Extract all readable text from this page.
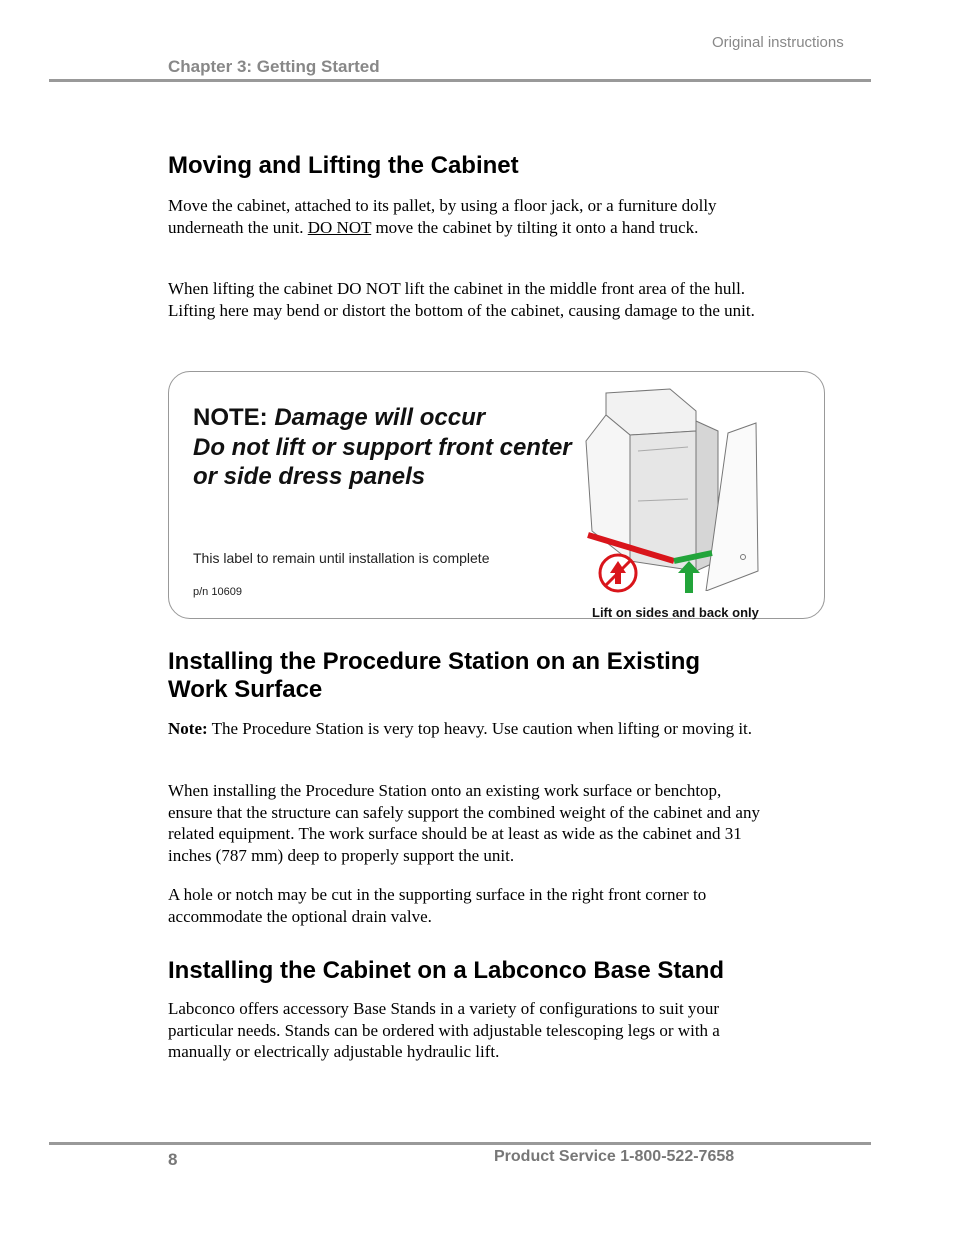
Original instructions
Chapter 3: Getting Started
Moving and Lifting the Cabinet
Move the cabinet, attached to its pallet, by using a floor jack, or a furniture dolly underneath the unit. DO NOT move the cabinet by tilting it onto a hand truck.
When lifting the cabinet DO NOT lift the cabinet in the middle front area of the hull. Lifting here may bend or distort the bottom of the cabinet, causing damage to the unit.
NOTE: Damage will occur
Do not lift or support front center
or side dress panels
This label to remain until installation is complete
p/n 10609
Lift on sides and back only
Installing the Procedure Station on an Existing
Work Surface
Note: The Procedure Station is very top heavy. Use caution when lifting or moving it.
When installing the Procedure Station onto an existing work surface or benchtop, ensure that the structure can safely support the combined weight of the cabinet and any related equipment. The work surface should be at least as wide as the cabinet and 31 inches (787 mm) deep to properly support the unit.
A hole or notch may be cut in the supporting surface in the right front corner to accommodate the optional drain valve.
Installing the Cabinet on a Labconco Base Stand
Labconco offers accessory Base Stands in a variety of configurations to suit your particular needs. Stands can be ordered with adjustable telescoping legs or with a manually or electrically adjustable hydraulic lift.
8	Product Service 1-800-522-7658
